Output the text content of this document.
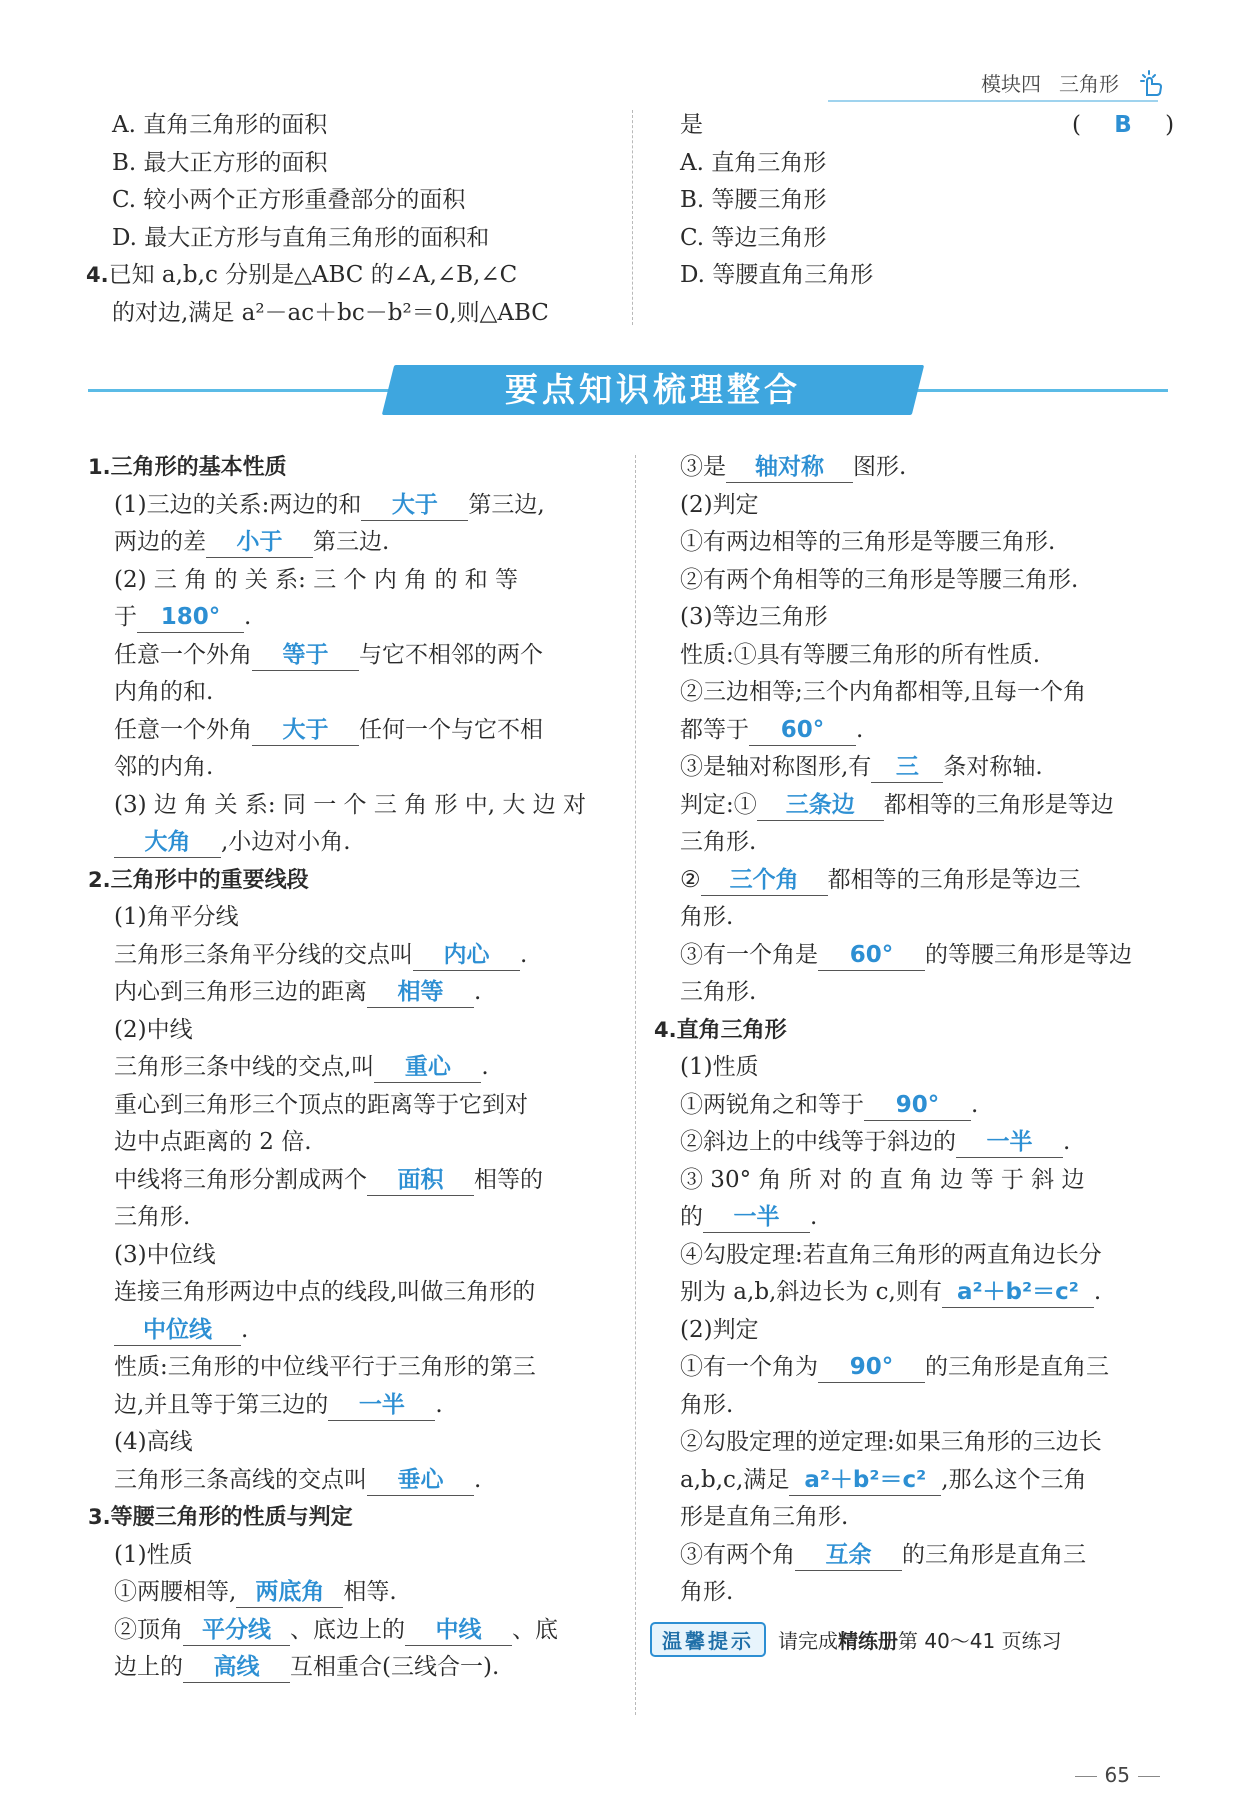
模块四 三角形
A. 直角三角形的面积
B. 最大正方形的面积
C. 较小两个正方形重叠部分的面积
D. 最大正方形与直角三角形的面积和
4.已知 a,b,c 分别是△ABC 的∠A,∠B,∠C
的对边,满足 a²－ac＋bc－b²＝0,则△ABC
是	( B )
A. 直角三角形
B. 等腰三角形
C. 等边三角形
D. 等腰直角三角形
要点知识梳理整合
1.三角形的基本性质
(1)三边的关系:两边的和 大于 第三边,
两边的差 小于 第三边.
(2) 三 角 的 关 系: 三 个 内 角 的 和 等
于 180° .
任意一个外角 等于 与它不相邻的两个
内角的和.
任意一个外角 大于 任何一个与它不相
邻的内角.
(3) 边 角 关 系: 同 一 个 三 角 形 中, 大 边 对
大角 ,小边对小角.
2.三角形中的重要线段
(1)角平分线
三角形三条角平分线的交点叫 内心 .
内心到三角形三边的距离 相等 .
(2)中线
三角形三条中线的交点,叫 重心 .
重心到三角形三个顶点的距离等于它到对
边中点距离的 2 倍.
中线将三角形分割成两个 面积 相等的
三角形.
(3)中位线
连接三角形两边中点的线段,叫做三角形的
中位线 .
性质:三角形的中位线平行于三角形的第三
边,并且等于第三边的 一半 .
(4)高线
三角形三条高线的交点叫 垂心 .
3.等腰三角形的性质与判定
(1)性质
①两腰相等, 两底角 相等.
②顶角 平分线 、底边上的 中线 、底
边上的 高线 互相重合(三线合一).
③是 轴对称 图形.
(2)判定
①有两边相等的三角形是等腰三角形.
②有两个角相等的三角形是等腰三角形.
(3)等边三角形
性质:①具有等腰三角形的所有性质.
②三边相等;三个内角都相等,且每一个角
都等于 60° .
③是轴对称图形,有 三 条对称轴.
判定:① 三条边 都相等的三角形是等边
三角形.
② 三个角 都相等的三角形是等边三
角形.
③有一个角是 60° 的等腰三角形是等边
三角形.
4.直角三角形
(1)性质
①两锐角之和等于 90° .
②斜边上的中线等于斜边的 一半 .
③ 30° 角 所 对 的 直 角 边 等 于 斜 边
的 一半 .
④勾股定理:若直角三角形的两直角边长分
别为 a,b,斜边长为 c,则有 a²＋b²＝c² .
(2)判定
①有一个角为 90° 的三角形是直角三
角形.
②勾股定理的逆定理:如果三角形的三边长
a,b,c,满足 a²＋b²＝c² ,那么这个三角
形是直角三角形.
③有两个角 互余 的三角形是直角三
角形.
温馨提示	请完成精练册第 40～41 页练习
65
